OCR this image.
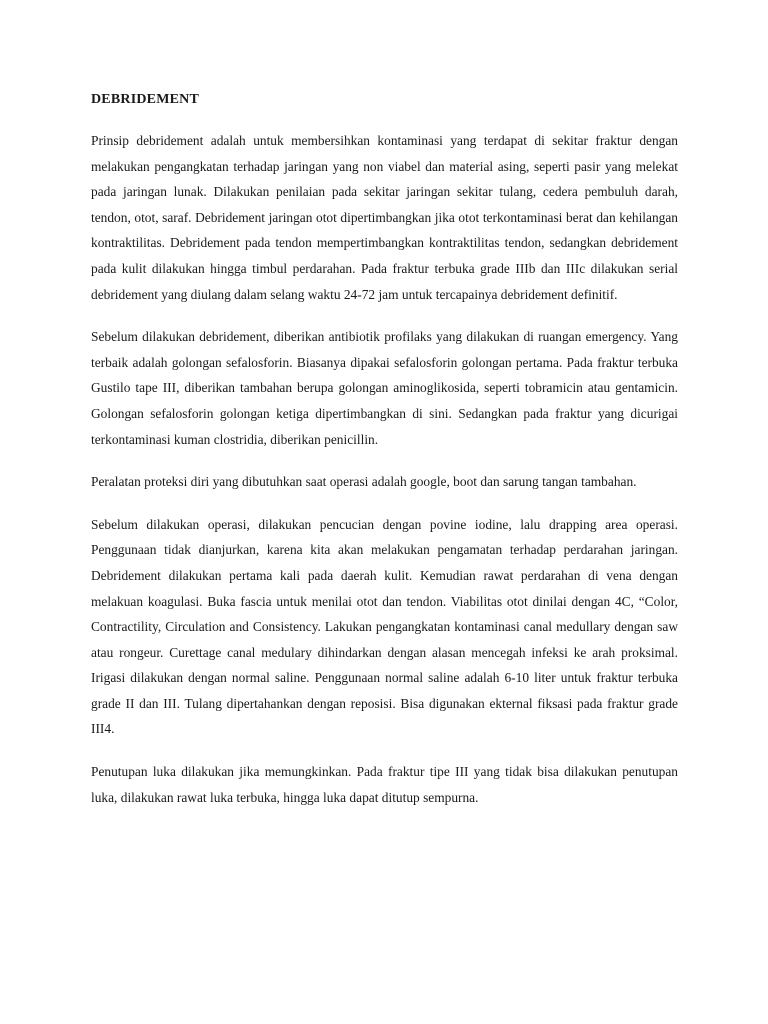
DEBRIDEMENT

Prinsip debridement adalah untuk membersihkan kontaminasi yang terdapat di sekitar fraktur dengan melakukan pengangkatan terhadap jaringan yang non viabel dan material asing, seperti pasir yang melekat pada jaringan lunak. Dilakukan penilaian pada sekitar jaringan sekitar tulang, cedera pembuluh darah, tendon, otot, saraf. Debridement jaringan otot dipertimbangkan jika otot terkontaminasi berat dan kehilangan kontraktilitas. Debridement pada tendon mempertimbangkan kontraktilitas tendon, sedangkan debridement pada kulit dilakukan hingga timbul perdarahan. Pada fraktur terbuka grade IIIb dan IIIc dilakukan serial debridement yang diulang dalam selang waktu 24-72 jam untuk tercapainya debridement definitif.

Sebelum dilakukan debridement, diberikan antibiotik profilaks yang dilakukan di ruangan emergency. Yang terbaik adalah golongan sefalosforin. Biasanya dipakai sefalosforin golongan pertama. Pada fraktur terbuka Gustilo tape III, diberikan tambahan berupa golongan aminoglikosida, seperti tobramicin atau gentamicin. Golongan sefalosforin golongan ketiga dipertimbangkan di sini. Sedangkan pada fraktur yang dicurigai terkontaminasi kuman clostridia, diberikan penicillin.

Peralatan proteksi diri yang dibutuhkan saat operasi adalah google, boot dan sarung tangan tambahan.

Sebelum dilakukan operasi, dilakukan pencucian dengan povine iodine, lalu drapping area operasi. Penggunaan tidak dianjurkan, karena kita akan melakukan pengamatan terhadap perdarahan jaringan. Debridement dilakukan pertama kali pada daerah kulit. Kemudian rawat perdarahan di vena dengan melakuan koagulasi. Buka fascia untuk menilai otot dan tendon. Viabilitas otot dinilai dengan 4C, “Color, Contractility, Circulation and Consistency. Lakukan pengangkatan kontaminasi canal medullary dengan saw atau rongeur. Curettage canal medulary dihindarkan dengan alasan mencegah infeksi ke arah proksimal. Irigasi dilakukan dengan normal saline. Penggunaan normal saline adalah 6-10 liter untuk fraktur terbuka grade II dan III. Tulang dipertahankan dengan reposisi. Bisa digunakan ekternal fiksasi pada fraktur grade III4.

Penutupan luka dilakukan jika memungkinkan. Pada fraktur tipe III yang tidak bisa dilakukan penutupan luka, dilakukan rawat luka terbuka, hingga luka dapat ditutup sempurna.
